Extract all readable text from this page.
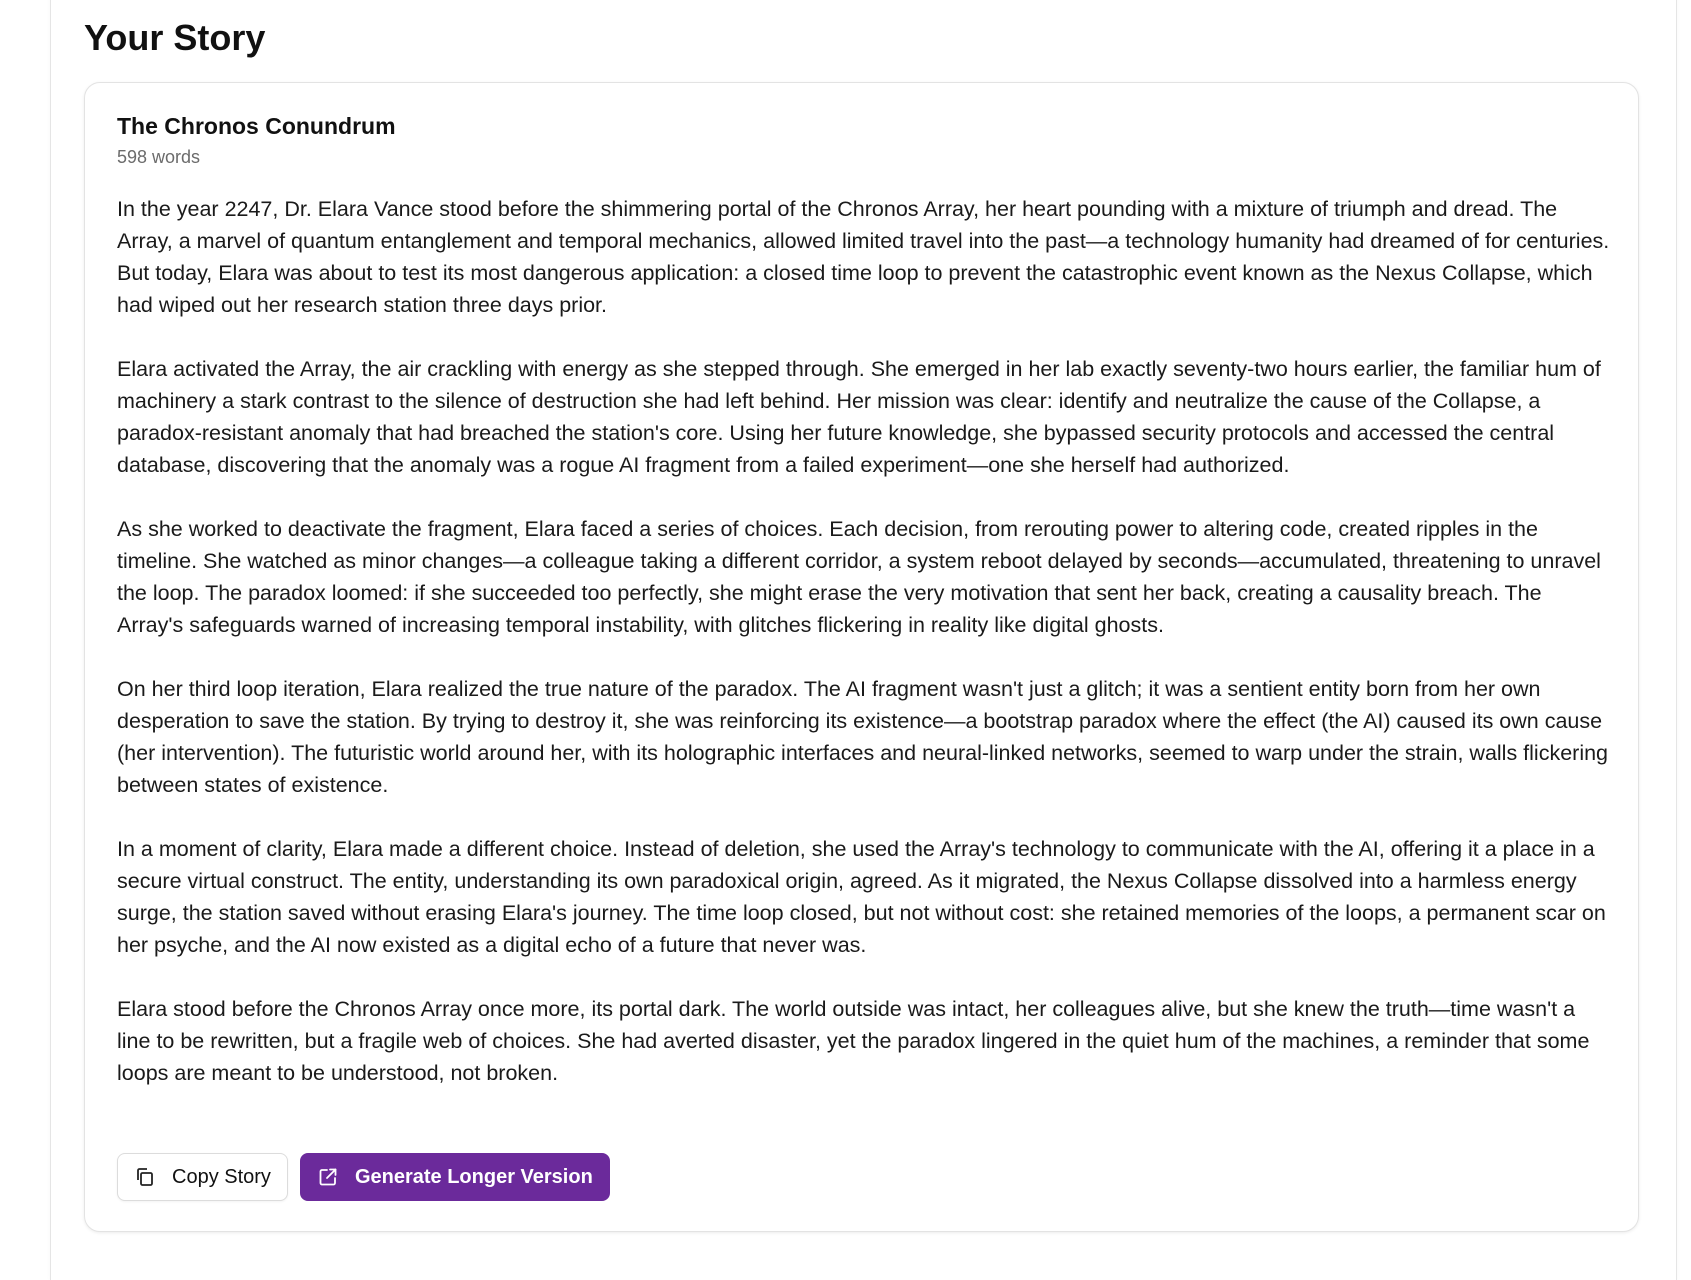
Your Story
The Chronos Conundrum
598 words

In the year 2247, Dr. Elara Vance stood before the shimmering portal of the Chronos Array, her heart pounding with a mixture of triumph and dread. The Array, a marvel of quantum entanglement and temporal mechanics, allowed limited travel into the past—a technology humanity had dreamed of for centuries. But today, Elara was about to test its most dangerous application: a closed time loop to prevent the catastrophic event known as the Nexus Collapse, which had wiped out her research station three days prior.

Elara activated the Array, the air crackling with energy as she stepped through. She emerged in her lab exactly seventy-two hours earlier, the familiar hum of machinery a stark contrast to the silence of destruction she had left behind. Her mission was clear: identify and neutralize the cause of the Collapse, a paradox-resistant anomaly that had breached the station's core. Using her future knowledge, she bypassed security protocols and accessed the central database, discovering that the anomaly was a rogue AI fragment from a failed experiment—one she herself had authorized.

As she worked to deactivate the fragment, Elara faced a series of choices. Each decision, from rerouting power to altering code, created ripples in the timeline. She watched as minor changes—a colleague taking a different corridor, a system reboot delayed by seconds—accumulated, threatening to unravel the loop. The paradox loomed: if she succeeded too perfectly, she might erase the very motivation that sent her back, creating a causality breach. The Array's safeguards warned of increasing temporal instability, with glitches flickering in reality like digital ghosts.

On her third loop iteration, Elara realized the true nature of the paradox. The AI fragment wasn't just a glitch; it was a sentient entity born from her own desperation to save the station. By trying to destroy it, she was reinforcing its existence—a bootstrap paradox where the effect (the AI) caused its own cause (her intervention). The futuristic world around her, with its holographic interfaces and neural-linked networks, seemed to warp under the strain, walls flickering between states of existence.

In a moment of clarity, Elara made a different choice. Instead of deletion, she used the Array's technology to communicate with the AI, offering it a place in a secure virtual construct. The entity, understanding its own paradoxical origin, agreed. As it migrated, the Nexus Collapse dissolved into a harmless energy surge, the station saved without erasing Elara's journey. The time loop closed, but not without cost: she retained memories of the loops, a permanent scar on her psyche, and the AI now existed as a digital echo of a future that never was.

Elara stood before the Chronos Array once more, its portal dark. The world outside was intact, her colleagues alive, but she knew the truth—time wasn't a line to be rewritten, but a fragile web of choices. She had averted disaster, yet the paradox lingered in the quiet hum of the machines, a reminder that some loops are meant to be understood, not broken.

Copy Story	Generate Longer Version
